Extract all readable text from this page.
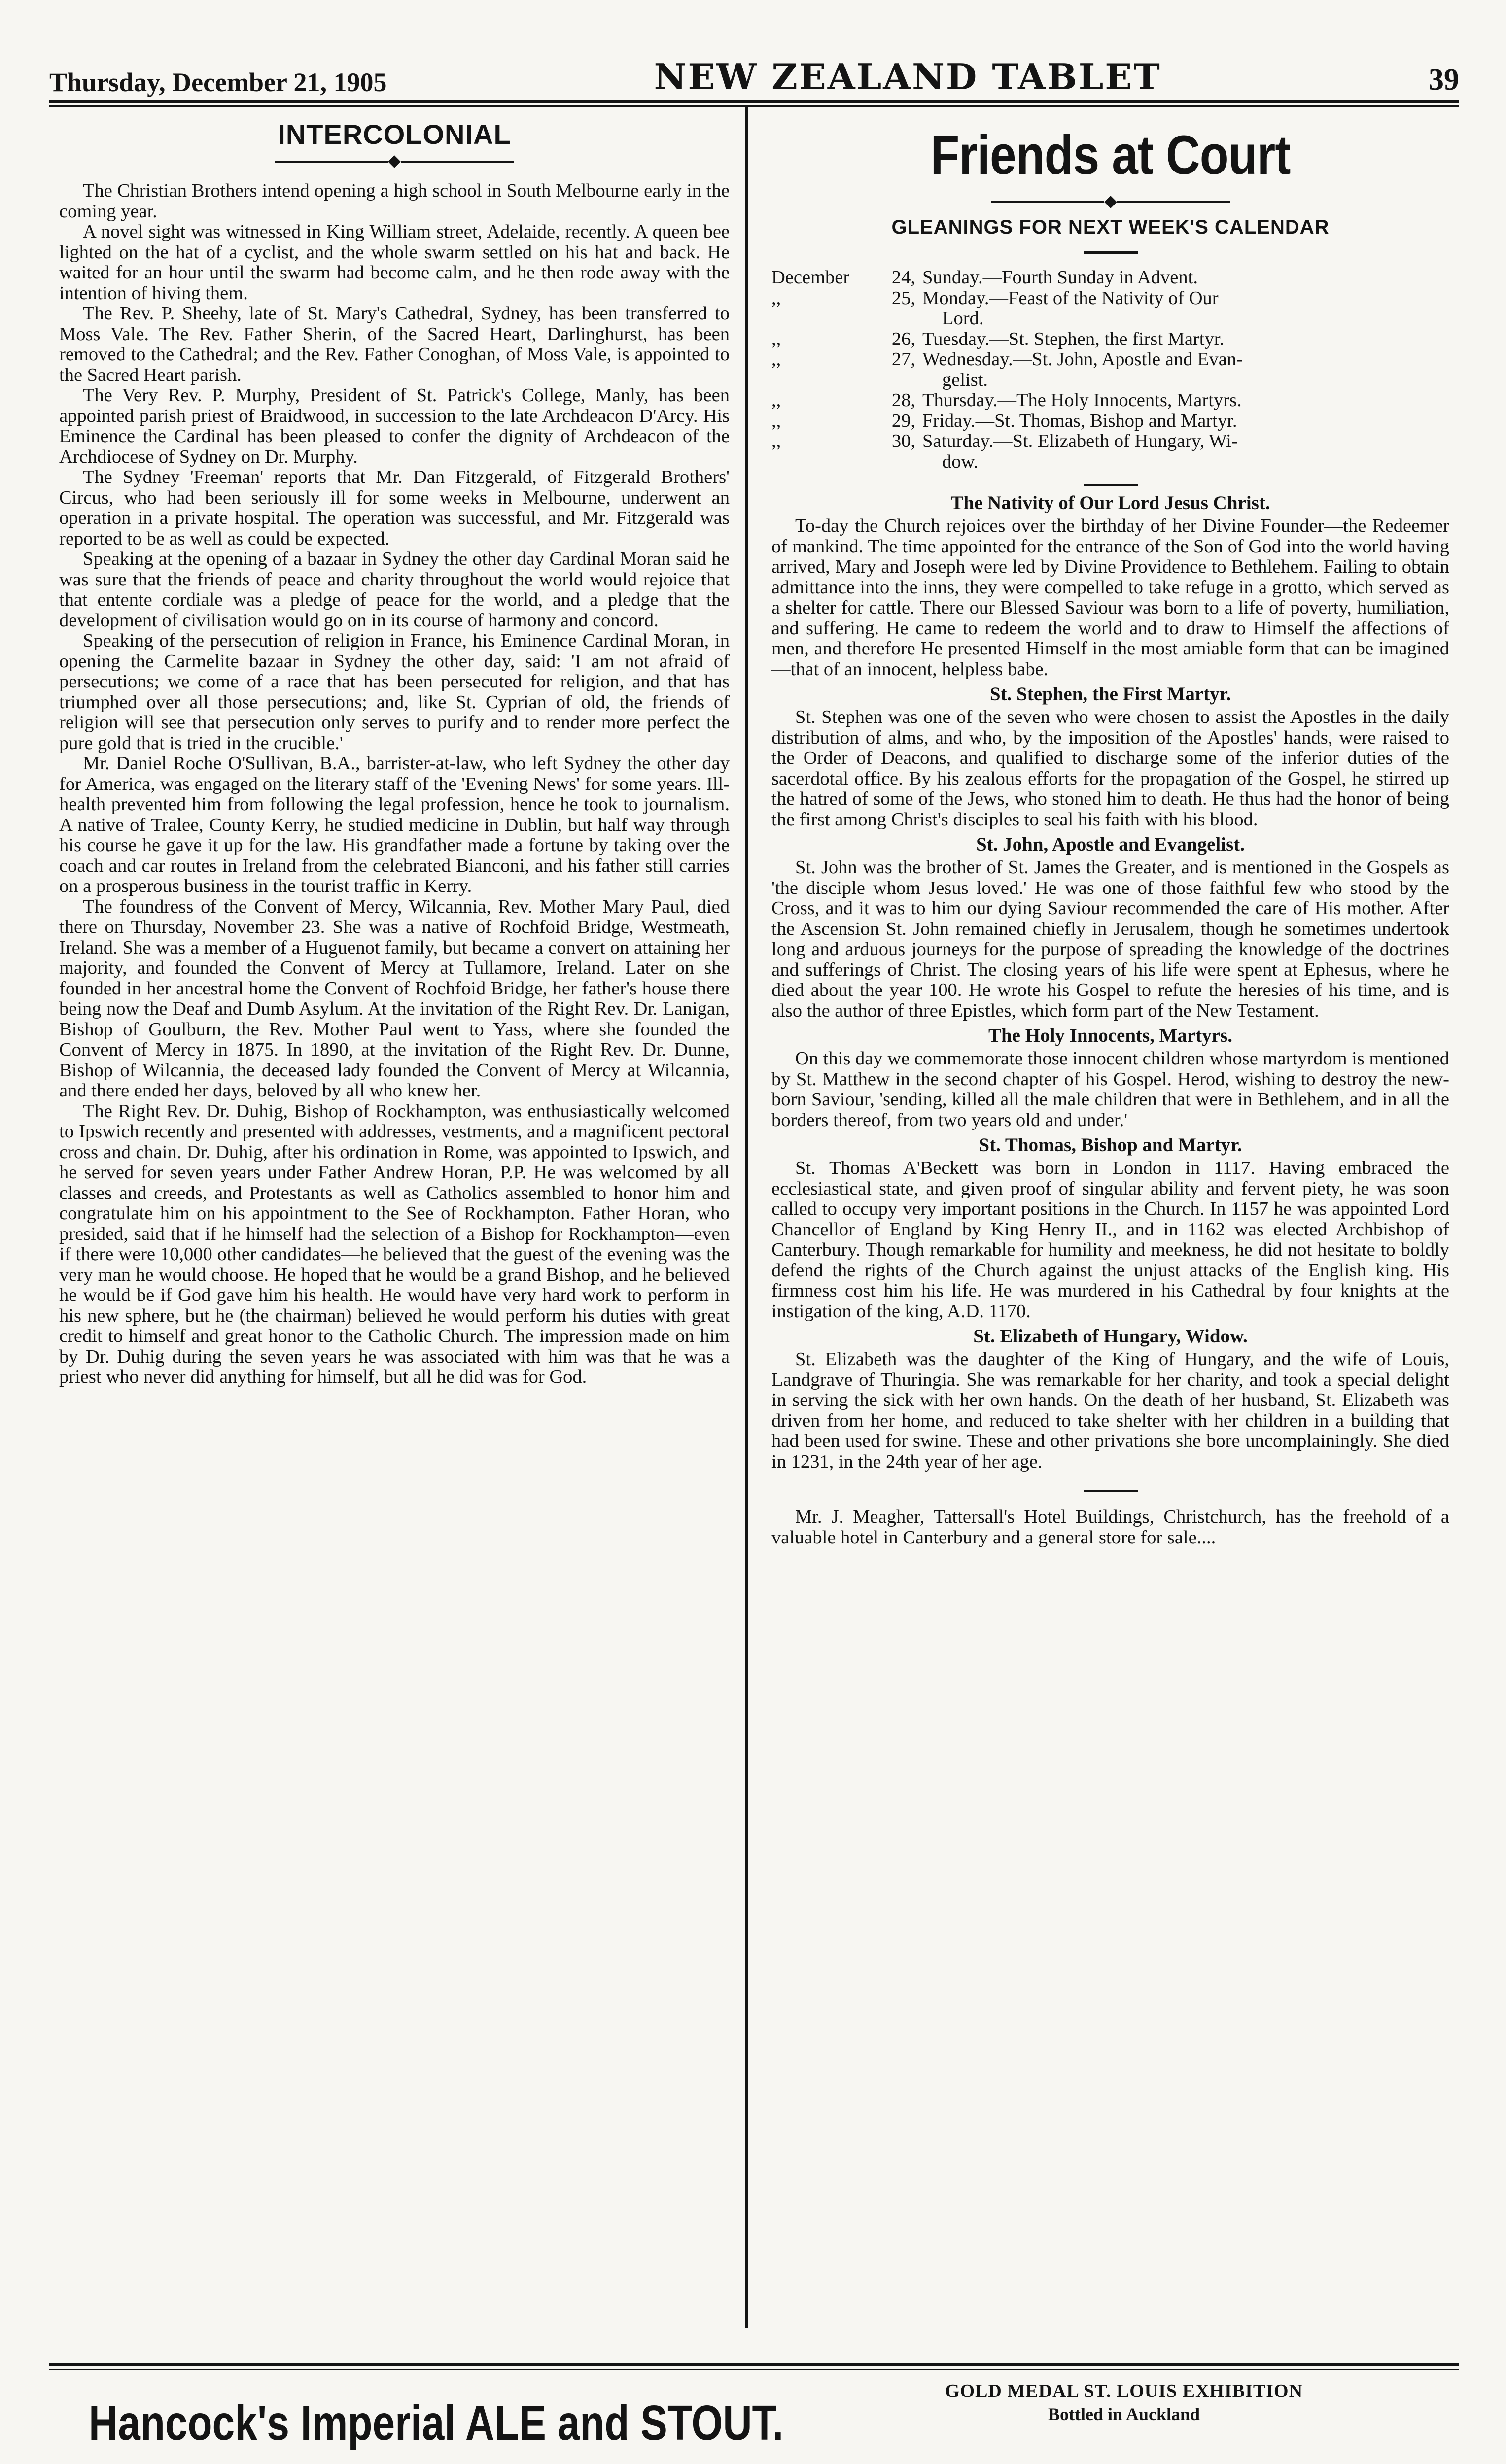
Thursday, December 21, 1905	NEW ZEALAND TABLET	39
INTERCOLONIAL

The Christian Brothers intend opening a high school in South Melbourne early in the coming year.

A novel sight was witnessed in King William street, Adelaide, recently. A queen bee lighted on the hat of a cyclist, and the whole swarm settled on his hat and back. He waited for an hour until the swarm had become calm, and he then rode away with the intention of hiving them.

The Rev. P. Sheehy, late of St. Mary's Cathedral, Sydney, has been transferred to Moss Vale. The Rev. Father Sherin, of the Sacred Heart, Darlinghurst, has been removed to the Cathedral; and the Rev. Father Conoghan, of Moss Vale, is appointed to the Sacred Heart parish.

The Very Rev. P. Murphy, President of St. Patrick's College, Manly, has been appointed parish priest of Braidwood, in succession to the late Archdeacon D'Arcy. His Eminence the Cardinal has been pleased to confer the dignity of Archdeacon of the Archdiocese of Sydney on Dr. Murphy.

The Sydney 'Freeman' reports that Mr. Dan Fitzgerald, of Fitzgerald Brothers' Circus, who had been seriously ill for some weeks in Melbourne, underwent an operation in a private hospital. The operation was successful, and Mr. Fitzgerald was reported to be as well as could be expected.

Speaking at the opening of a bazaar in Sydney the other day Cardinal Moran said he was sure that the friends of peace and charity throughout the world would rejoice that that entente cordiale was a pledge of peace for the world, and a pledge that the development of civilisation would go on in its course of harmony and concord.

Speaking of the persecution of religion in France, his Eminence Cardinal Moran, in opening the Carmelite bazaar in Sydney the other day, said: 'I am not afraid of persecutions; we come of a race that has been persecuted for religion, and that has triumphed over all those persecutions; and, like St. Cyprian of old, the friends of religion will see that persecution only serves to purify and to render more perfect the pure gold that is tried in the crucible.'

Mr. Daniel Roche O'Sullivan, B.A., barrister-at-law, who left Sydney the other day for America, was engaged on the literary staff of the 'Evening News' for some years. Ill-health prevented him from following the legal profession, hence he took to journalism. A native of Tralee, County Kerry, he studied medicine in Dublin, but half way through his course he gave it up for the law. His grandfather made a fortune by taking over the coach and car routes in Ireland from the celebrated Bianconi, and his father still carries on a prosperous business in the tourist traffic in Kerry.

The foundress of the Convent of Mercy, Wilcannia, Rev. Mother Mary Paul, died there on Thursday, November 23. She was a native of Rochfoid Bridge, Westmeath, Ireland. She was a member of a Huguenot family, but became a convert on attaining her majority, and founded the Convent of Mercy at Tullamore, Ireland. Later on she founded in her ancestral home the Convent of Rochfoid Bridge, her father's house there being now the Deaf and Dumb Asylum. At the invitation of the Right Rev. Dr. Lanigan, Bishop of Goulburn, the Rev. Mother Paul went to Yass, where she founded the Convent of Mercy in 1875. In 1890, at the invitation of the Right Rev. Dr. Dunne, Bishop of Wilcannia, the deceased lady founded the Convent of Mercy at Wilcannia, and there ended her days, beloved by all who knew her.

The Right Rev. Dr. Duhig, Bishop of Rockhampton, was enthusiastically welcomed to Ipswich recently and presented with addresses, vestments, and a magnificent pectoral cross and chain. Dr. Duhig, after his ordination in Rome, was appointed to Ipswich, and he served for seven years under Father Andrew Horan, P.P. He was welcomed by all classes and creeds, and Protestants as well as Catholics assembled to honor him and congratulate him on his appointment to the See of Rockhampton. Father Horan, who presided, said that if he himself had the selection of a Bishop for Rockhampton—even if there were 10,000 other candidates—he believed that the guest of the evening was the very man he would choose. He hoped that he would be a grand Bishop, and he believed he would be if God gave him his health. He would have very hard work to perform in his new sphere, but he (the chairman) believed he would perform his duties with great credit to himself and great honor to the Catholic Church. The impression made on him by Dr. Duhig during the seven years he was associated with him was that he was a priest who never did anything for himself, but all he did was for God.

Friends at Court
GLEANINGS FOR NEXT WEEK'S CALENDAR
December	24, Sunday.—Fourth Sunday in Advent.
,,	25, Monday.—Feast of the Nativity of Our
Lord.
,,	26, Tuesday.—St. Stephen, the first Martyr.
,,	27, Wednesday.—St. John, Apostle and Evan-
gelist.
,,	28, Thursday.—The Holy Innocents, Martyrs.
,,	29, Friday.—St. Thomas, Bishop and Martyr.
,,	30, Saturday.—St. Elizabeth of Hungary, Wi-
dow.
The Nativity of Our Lord Jesus Christ.

To-day the Church rejoices over the birthday of her Divine Founder—the Redeemer of mankind. The time appointed for the entrance of the Son of God into the world having arrived, Mary and Joseph were led by Divine Providence to Bethlehem. Failing to obtain admittance into the inns, they were compelled to take refuge in a grotto, which served as a shelter for cattle. There our Blessed Saviour was born to a life of poverty, humiliation, and suffering. He came to redeem the world and to draw to Himself the affections of men, and therefore He presented Himself in the most amiable form that can be imagined—that of an innocent, helpless babe.

St. Stephen, the First Martyr.

St. Stephen was one of the seven who were chosen to assist the Apostles in the daily distribution of alms, and who, by the imposition of the Apostles' hands, were raised to the Order of Deacons, and qualified to discharge some of the inferior duties of the sacerdotal office. By his zealous efforts for the propagation of the Gospel, he stirred up the hatred of some of the Jews, who stoned him to death. He thus had the honor of being the first among Christ's disciples to seal his faith with his blood.

St. John, Apostle and Evangelist.

St. John was the brother of St. James the Greater, and is mentioned in the Gospels as 'the disciple whom Jesus loved.' He was one of those faithful few who stood by the Cross, and it was to him our dying Saviour recommended the care of His mother. After the Ascension St. John remained chiefly in Jerusalem, though he sometimes undertook long and arduous journeys for the purpose of spreading the knowledge of the doctrines and sufferings of Christ. The closing years of his life were spent at Ephesus, where he died about the year 100. He wrote his Gospel to refute the heresies of his time, and is also the author of three Epistles, which form part of the New Testament.

The Holy Innocents, Martyrs.

On this day we commemorate those innocent children whose martyrdom is mentioned by St. Matthew in the second chapter of his Gospel. Herod, wishing to destroy the new-born Saviour, 'sending, killed all the male children that were in Bethlehem, and in all the borders thereof, from two years old and under.'

St. Thomas, Bishop and Martyr.

St. Thomas A'Beckett was born in London in 1117. Having embraced the ecclesiastical state, and given proof of singular ability and fervent piety, he was soon called to occupy very important positions in the Church. In 1157 he was appointed Lord Chancellor of England by King Henry II., and in 1162 was elected Archbishop of Canterbury. Though remarkable for humility and meekness, he did not hesitate to boldly defend the rights of the Church against the unjust attacks of the English king. His firmness cost him his life. He was murdered in his Cathedral by four knights at the instigation of the king, A.D. 1170.

St. Elizabeth of Hungary, Widow.

St. Elizabeth was the daughter of the King of Hungary, and the wife of Louis, Landgrave of Thuringia. She was remarkable for her charity, and took a special delight in serving the sick with her own hands. On the death of her husband, St. Elizabeth was driven from her home, and reduced to take shelter with her children in a building that had been used for swine. These and other privations she bore uncomplainingly. She died in 1231, in the 24th year of her age.

Mr. J. Meagher, Tattersall's Hotel Buildings, Christchurch, has the freehold of a valuable hotel in Canterbury and a general store for sale....

Hancock's Imperial ALE and STOUT.
GOLD MEDAL ST. LOUIS EXHIBITION
Bottled in Auckland
